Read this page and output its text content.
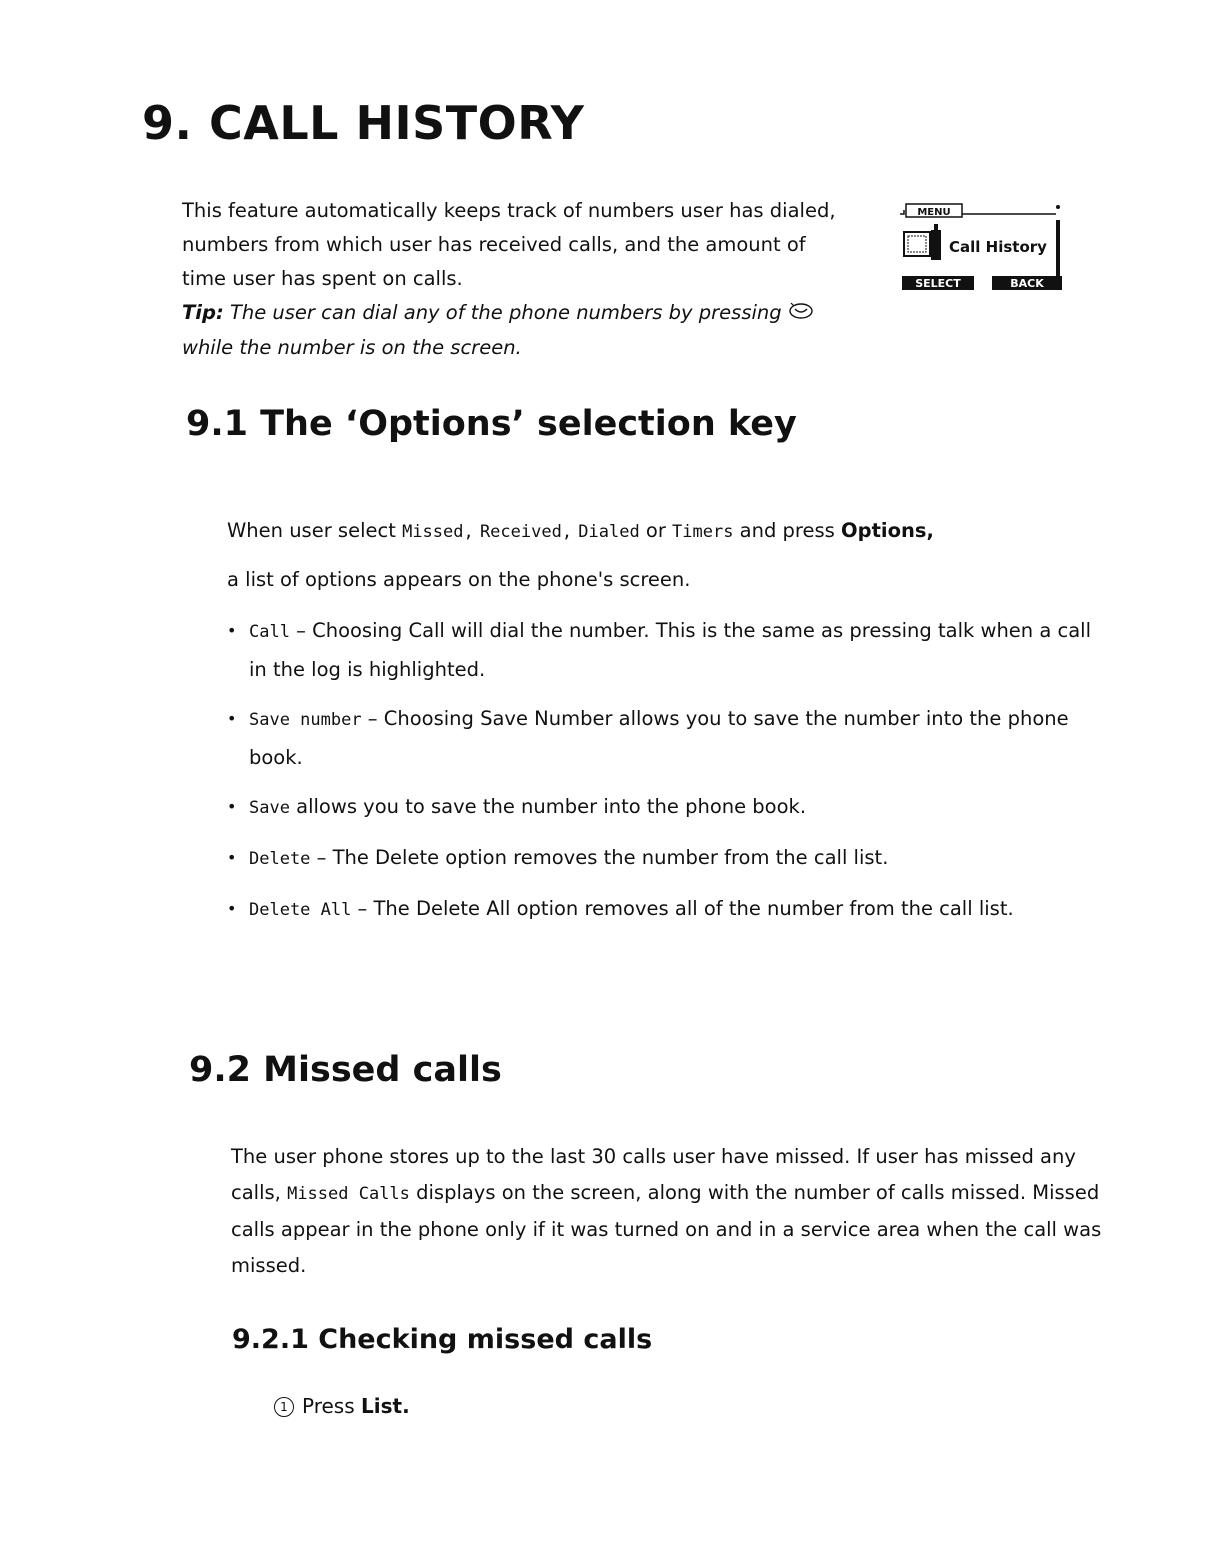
9. CALL HISTORY

This feature automatically keeps track of numbers user has dialed,

numbers from which user has received calls, and the amount of

time user has spent on calls.

Tip: The user can dial any of the phone numbers by pressing

while the number is on the screen.

MENU
Call History
SELECT	BACK
9.1 The ‘Options’ selection key

When user select Missed, Received, Dialed or Timers and press Options,

a list of options appears on the phone's screen.

• Call – Choosing Call will dial the number. This is the same as pressing talk when a call in the log is highlighted.
• Save number – Choosing Save Number allows you to save the number into the phone book.
• Save allows you to save the number into the phone book.
• Delete – The Delete option removes the number from the call list.
• Delete All – The Delete All option removes all of the number from the call list.
9.2 Missed calls
The user phone stores up to the last 30 calls user have missed. If user has missed any calls, Missed Calls displays on the screen, along with the number of calls missed. Missed calls appear in the phone only if it was turned on and in a service area when the call was missed.
9.2.1 Checking missed calls
1 Press List.
